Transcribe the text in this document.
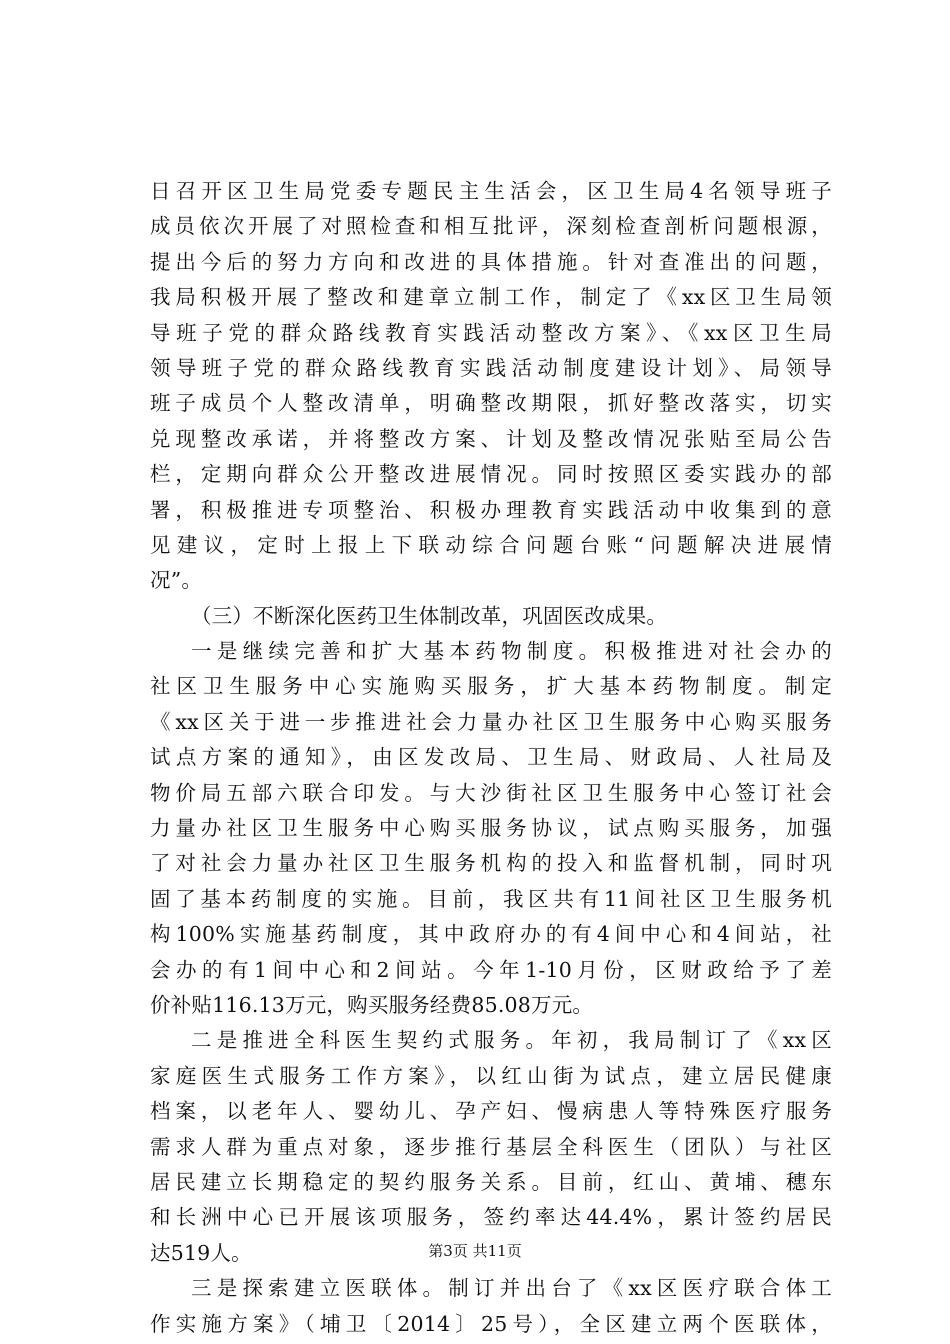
日召开区卫生局党委专题民主生活会，区卫生局4名领导班子
成员依次开展了对照检查和相互批评，深刻检查剖析问题根源，
提出今后的努力方向和改进的具体措施。针对查准出的问题，
我局积极开展了整改和建章立制工作，制定了《xx区卫生局领
导班子党的群众路线教育实践活动整改方案》、《xx区卫生局
领导班子党的群众路线教育实践活动制度建设计划》、局领导
班子成员个人整改清单，明确整改期限，抓好整改落实，切实
兑现整改承诺，并将整改方案、计划及整改情况张贴至局公告
栏，定期向群众公开整改进展情况。同时按照区委实践办的部
署，积极推进专项整治、积极办理教育实践活动中收集到的意
见建议，定时上报上下联动综合问题台账“问题解决进展情
况”。
（三）不断深化医药卫生体制改革，巩固医改成果。
一是继续完善和扩大基本药物制度。积极推进对社会办的
社区卫生服务中心实施购买服务，扩大基本药物制度。制定
《xx区关于进一步推进社会力量办社区卫生服务中心购买服务
试点方案的通知》，由区发改局、卫生局、财政局、人社局及
物价局五部六联合印发。与大沙街社区卫生服务中心签订社会
力量办社区卫生服务中心购买服务协议，试点购买服务，加强
了对社会力量办社区卫生服务机构的投入和监督机制，同时巩
固了基本药制度的实施。目前，我区共有11间社区卫生服务机
构100%实施基药制度，其中政府办的有4间中心和4间站，社
会办的有1间中心和2间站。今年1-10月份，区财政给予了差
价补贴116.13万元，购买服务经费85.08万元。
二是推进全科医生契约式服务。年初，我局制订了《xx区
家庭医生式服务工作方案》，以红山街为试点，建立居民健康
档案，以老年人、婴幼儿、孕产妇、慢病患人等特殊医疗服务
需求人群为重点对象，逐步推行基层全科医生（团队）与社区
居民建立长期稳定的契约服务关系。目前，红山、黄埔、穗东
和长洲中心已开展该项服务，签约率达44.4%，累计签约居民
达519人。
三是探索建立医联体。制订并出台了《xx区医疗联合体工
作实施方案》（埔卫〔2014〕25号），全区建立两个医联体，
第3页 共11页
